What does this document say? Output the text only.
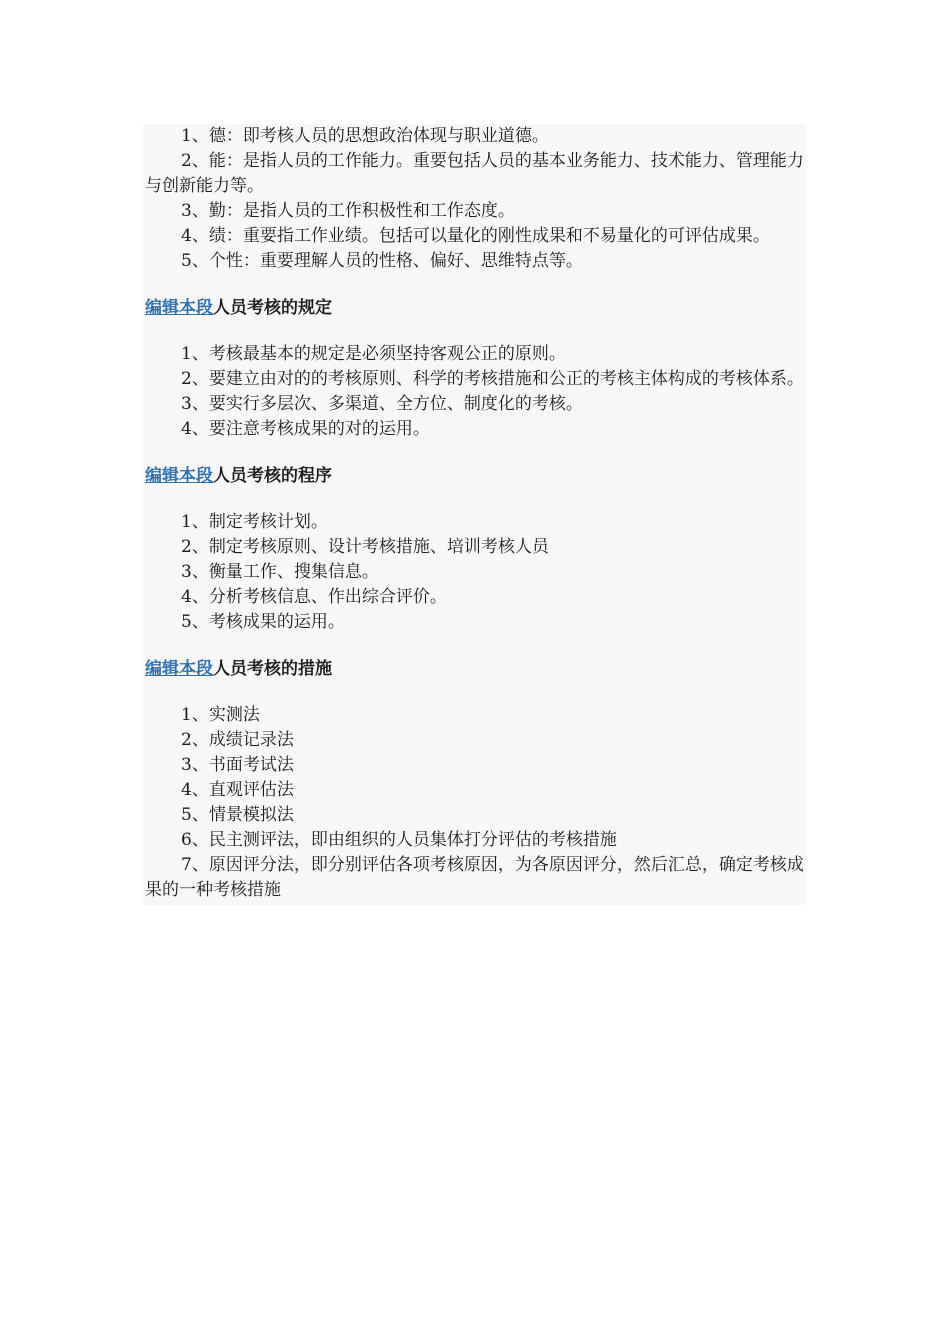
1、德：即考核人员的思想政治体现与职业道德。

2、能：是指人员的工作能力。重要包括人员的基本业务能力、技术能力、管理能力与创新能力等。

3、勤：是指人员的工作积极性和工作态度。

4、绩：重要指工作业绩。包括可以量化的刚性成果和不易量化的可评估成果。

5、个性：重要理解人员的性格、偏好、思维特点等。

编辑本段人员考核的规定

1、考核最基本的规定是必须坚持客观公正的原则。

2、要建立由对的的考核原则、科学的考核措施和公正的考核主体构成的考核体系。

3、要实行多层次、多渠道、全方位、制度化的考核。

4、要注意考核成果的对的运用。

编辑本段人员考核的程序

1、制定考核计划。

2、制定考核原则、设计考核措施、培训考核人员

3、衡量工作、搜集信息。

4、分析考核信息、作出综合评价。

5、考核成果的运用。

编辑本段人员考核的措施

1、实测法

2、成绩记录法

3、书面考试法

4、直观评估法

5、情景模拟法

6、民主测评法，即由组织的人员集体打分评估的考核措施

7、原因评分法，即分别评估各项考核原因，为各原因评分，然后汇总，确定考核成果的一种考核措施
